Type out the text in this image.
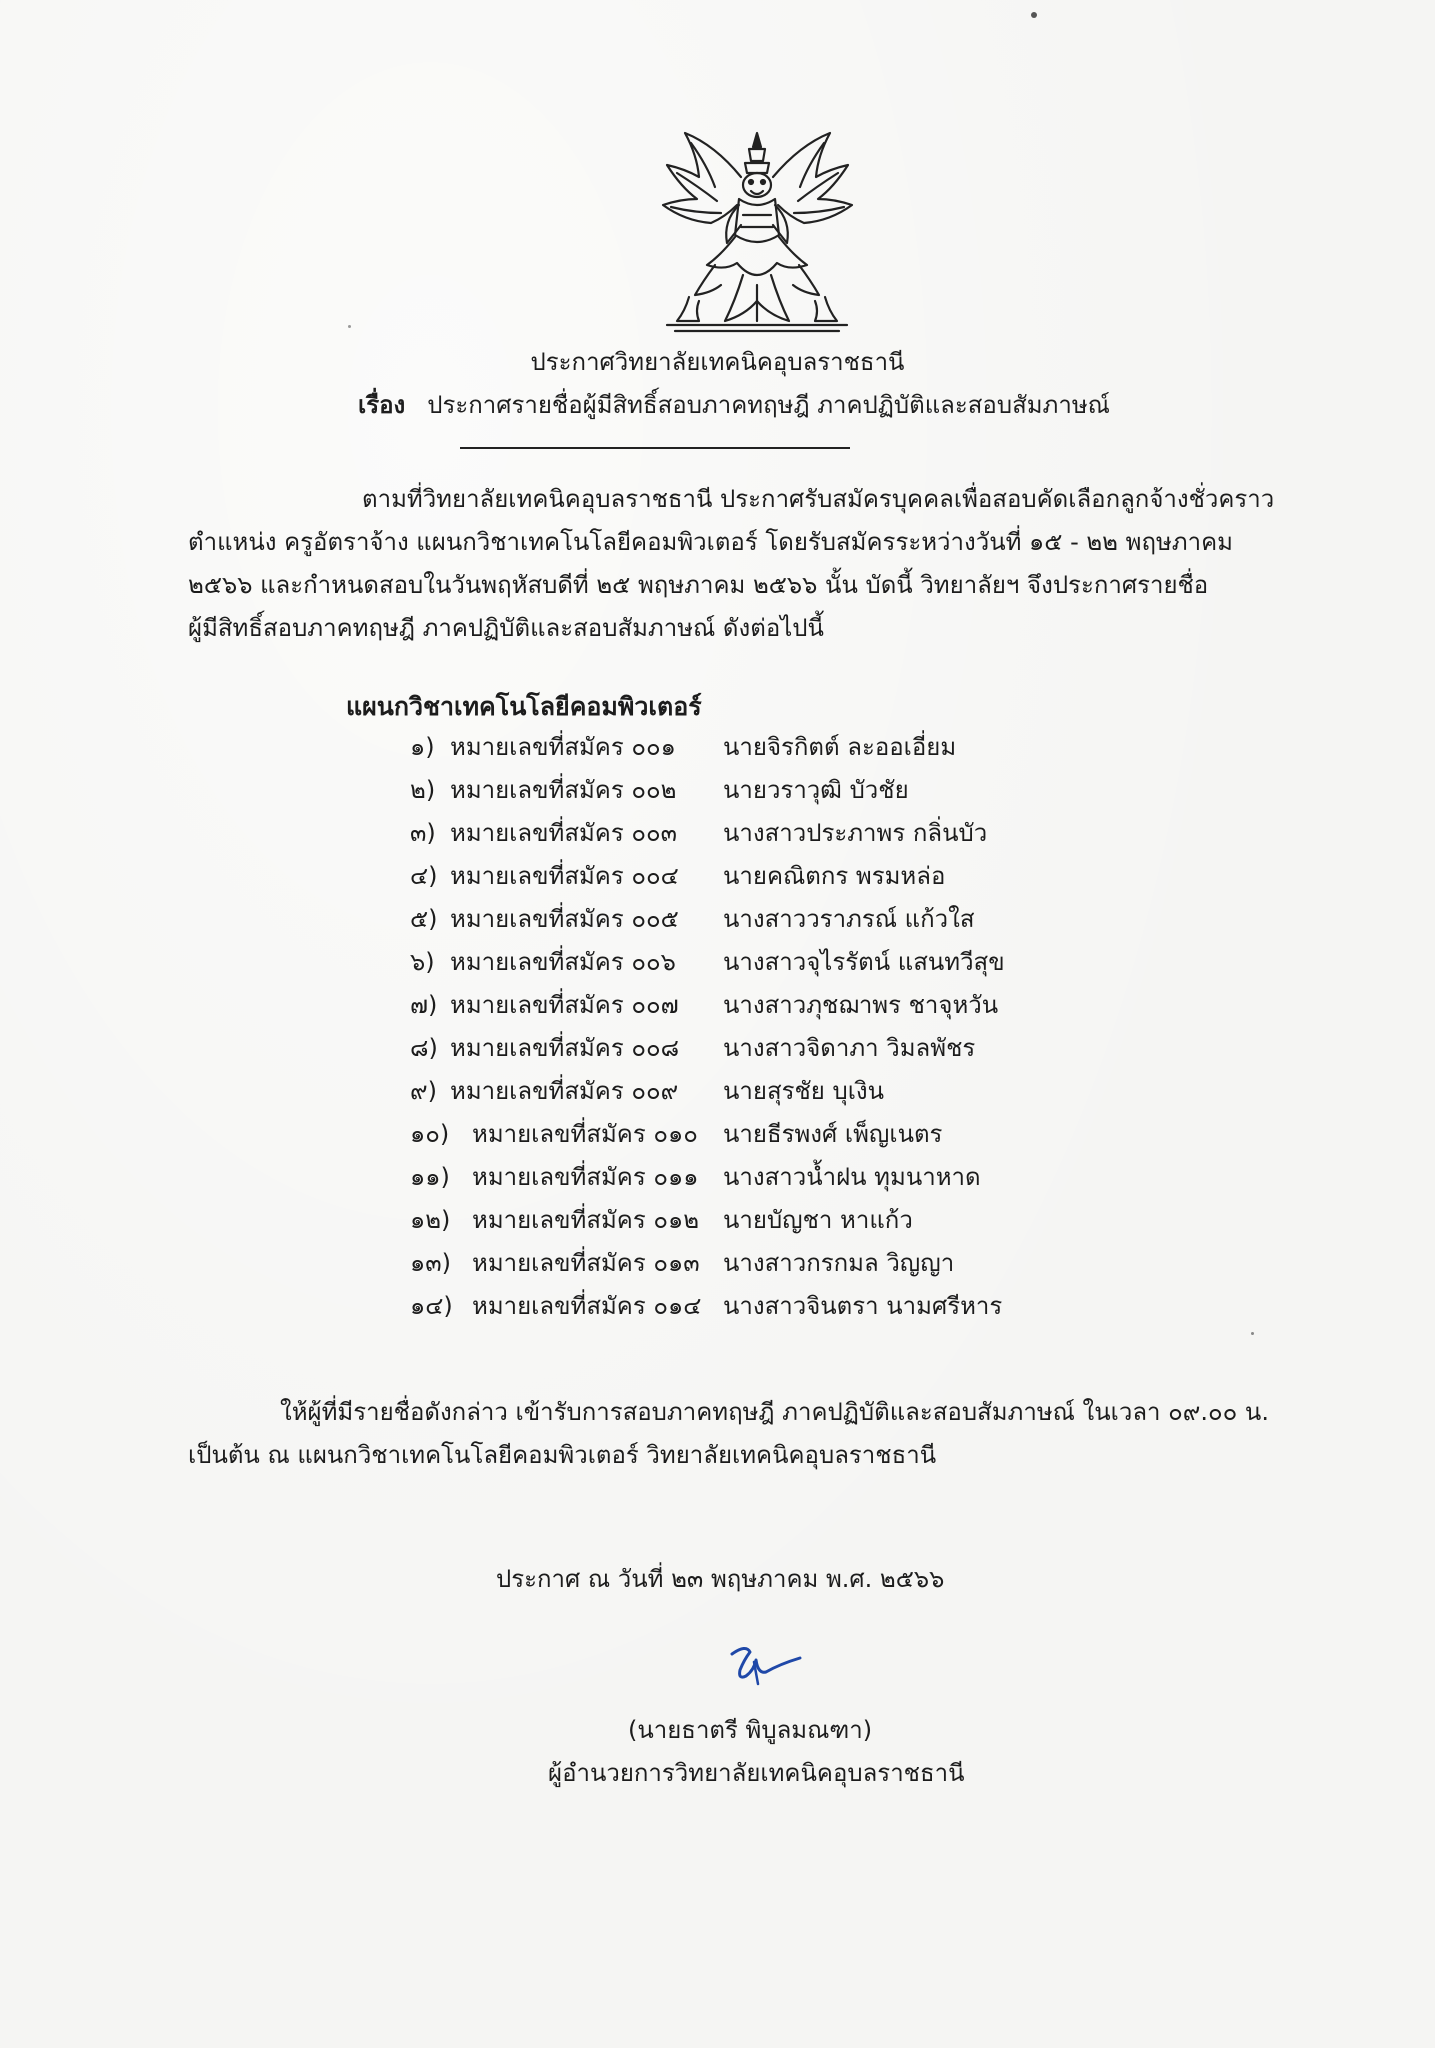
ประกาศวิทยาลัยเทคนิคอุบลราชธานี
เรื่อง ประกาศรายชื่อผู้มีสิทธิ์สอบภาคทฤษฎี ภาคปฏิบัติและสอบสัมภาษณ์
ตามที่วิทยาลัยเทคนิคอุบลราชธานี ประกาศรับสมัครบุคคลเพื่อสอบคัดเลือกลูกจ้างชั่วคราว
ตำแหน่ง ครูอัตราจ้าง แผนกวิชาเทคโนโลยีคอมพิวเตอร์ โดยรับสมัครระหว่างวันที่ ๑๕ - ๒๒ พฤษภาคม
๒๕๖๖ และกำหนดสอบในวันพฤหัสบดีที่ ๒๕ พฤษภาคม ๒๕๖๖ นั้น บัดนี้ วิทยาลัยฯ จึงประกาศรายชื่อ
ผู้มีสิทธิ์สอบภาคทฤษฎี ภาคปฏิบัติและสอบสัมภาษณ์ ดังต่อไปนี้
แผนกวิชาเทคโนโลยีคอมพิวเตอร์
๑) หมายเลขที่สมัคร ๐๐๑ นายจิรกิตต์ ละออเอี่ยม
๒) หมายเลขที่สมัคร ๐๐๒ นายวราวุฒิ บัวชัย
๓) หมายเลขที่สมัคร ๐๐๓ นางสาวประภาพร กลิ่นบัว
๔) หมายเลขที่สมัคร ๐๐๔ นายคณิตกร พรมหล่อ
๕) หมายเลขที่สมัคร ๐๐๕ นางสาววราภรณ์ แก้วใส
๖) หมายเลขที่สมัคร ๐๐๖ นางสาวจุไรรัตน์ แสนทวีสุข
๗) หมายเลขที่สมัคร ๐๐๗ นางสาวภุชฌาพร ชาจุหวัน
๘) หมายเลขที่สมัคร ๐๐๘ นางสาวจิดาภา วิมลพัชร
๙) หมายเลขที่สมัคร ๐๐๙ นายสุรชัย บุเงิน
๑๐) หมายเลขที่สมัคร ๐๑๐ นายธีรพงศ์ เพ็ญเนตร
๑๑) หมายเลขที่สมัคร ๐๑๑ นางสาวน้ำฝน ทุมนาหาด
๑๒) หมายเลขที่สมัคร ๐๑๒ นายบัญชา หาแก้ว
๑๓) หมายเลขที่สมัคร ๐๑๓ นางสาวกรกมล วิญญา
๑๔) หมายเลขที่สมัคร ๐๑๔ นางสาวจินตรา นามศรีหาร
ให้ผู้ที่มีรายชื่อดังกล่าว เข้ารับการสอบภาคทฤษฎี ภาคปฏิบัติและสอบสัมภาษณ์ ในเวลา ๐๙.๐๐ น.
เป็นต้น ณ แผนกวิชาเทคโนโลยีคอมพิวเตอร์ วิทยาลัยเทคนิคอุบลราชธานี
ประกาศ ณ วันที่ ๒๓ พฤษภาคม พ.ศ. ๒๕๖๖
(นายธาตรี พิบูลมณฑา)
ผู้อำนวยการวิทยาลัยเทคนิคอุบลราชธานี
